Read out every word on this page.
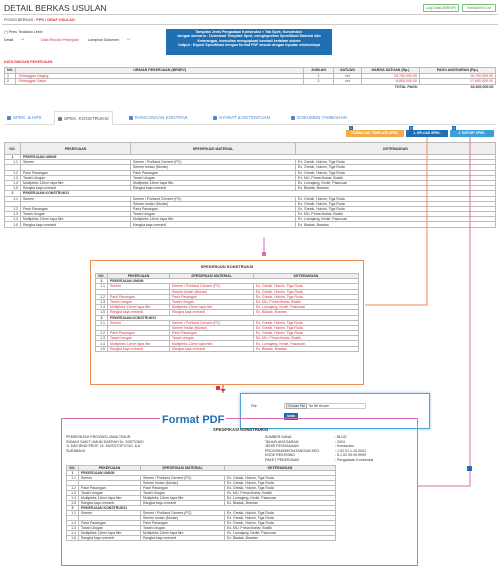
DETAIL BERKAS USULAN	Log Cetak (BRKSP)	Kembali Ke List
POSISI BERKAS : PPK / DRAF USULAN
(*) Perlu Tindakan Lebih
Detail **	Data Rincian Pekerjaan	Lampiran Dokumen **
Tampilan Jenis Pengadaan Konstruksi > Tab Spek. Konstruksi:
dengan skenario : Download Template Spek, menginputkan Spesifikasi Material dan
Keterangan, kemudian mengupload kembali kedalam sistem
Output : Export Spesifikasi dengan format PDF sesuai dengan inputan sebelumnya
DATA RINCIAN PEKERJAAN
NO.	URAIAN PEKERJAAN (BRSEV)	JUMLAH	SATUAN	HARGA SATUAN (Rp.)	PAGU ANGGARAN (Rp.)
1	Gelanggan Daging	1	set	15,700,000.00	15,700,000.00
2	Gelanggan Sayur	2	set	8,800,000.00	17,600,000.00
TOTAL PAGU					33,300,000.00
SPEK. & HPS	SPEK. KONSTRUKSI	RANCANGAN KONTRAK	SYARAT & KETENTUAN	DOKUMEN TAMBAHAN
DOWNLOAD TEMPLATE SPEK.	1. UPLOAD SPEK.	2. EXPORT SPEK.
1	2	4
NO.	PEKERJAAN	SPESIFIKASI MATERIAL	KETERANGAN
1	PEKERJAAN UMUM		
1.1	Semen	Semen / Portland Cement (PC)	Ex. Gresik, Holcim, Tiga Roda
		Semen Instan (Mortar)	Ex. Gresik, Holcim, Tiga Roda
1.2	Pasir Pasangan	Pasir Pasangan	Ex. Gresik, Holcim, Tiga Roda
1.3	Tanah Urugan	Tanah Urugan	Ex. MU, Prima Mortar, Bostik
1.4	Multipleks 12mm tapa film	Multipleks 12mm tapa film	Ex. Lumajang, Kediri, Pasuruan
1.5	Rangka kayu meranti	Rangka kayu meranti	Ex. Bladak, Brantas
2	PEKERJAAN KONSTRUKSI		
1.1	Semen	Semen / Portland Cement (PC)	Ex. Gresik, Holcim, Tiga Roda
		Semen Instan (Mortar)	Ex. Gresik, Holcim, Tiga Roda
1.2	Pasir Pasangan	Pasir Pasangan	Ex. Gresik, Holcim, Tiga Roda
1.3	Tanah Urugan	Tanah Urugan	Ex. MU, Prima Mortar, Bostik
1.4	Multipleks 12mm tapa film	Multipleks 12mm tapa film	Ex. Lumajang, Kediri, Pasuruan
1.5	Rangka kayu meranti	Rangka kayu meranti	Ex. Bladak, Brantas
SPESIFIKASI KONSTRUKSI
NO.	PEKERJAAN	SPESIFIKASI MATERIAL	KETERANGAN
1	PEKERJAAN UMUM		
1.1	Semen	Semen / Portland Cement (PC)	Ex. Gresik, Holcim, Tiga Roda
		Semen Instan (Mortar)	Ex. Gresik, Holcim, Tiga Roda
1.2	Pasir Pasangan	Pasir Pasangan	Ex. Gresik, Holcim, Tiga Roda
1.3	Tanah Urugan	Tanah Urugan	Ex. MU, Prima Mortar, Bostik
1.4	Multipleks 12mm tapa film	Multipleks 12mm tapa film	Ex. Lumajang, Kediri, Pasuruan
1.5	Rangka kayu meranti	Rangka kayu meranti	Ex. Bladak, Brantas
2	PEKERJAAN KONSTRUKSI		
1.1	Semen	Semen / Portland Cement (PC)	Ex. Gresik, Holcim, Tiga Roda
		Semen Instan (Mortar)	Ex. Gresik, Holcim, Tiga Roda
1.2	Pasir Pasangan	Pasir Pasangan	Ex. Gresik, Holcim, Tiga Roda
1.3	Tanah Urugan	Tanah Urugan	Ex. MU, Prima Mortar, Bostik
1.4	Multipleks 12mm tapa film	Multipleks 12mm tapa film	Ex. Lumajang, Kediri, Pasuruan
1.5	Rangka kayu meranti	Rangka kayu meranti	Ex. Bladak, Brantas
3
File	Choose File No file chosen
SEND
SPESIFIKASI KONSTRUKSI
PEMERINTAH PROVINSI JAWA TIMUR
RUMAH SAKIT UMUM DAERAH Dr. SOETOMO
Jl. MAYJEND PROF. Dr. MOESTOPO NO. 6-8
SURABAYA
SUMBER DANA	: BLUD
TAHUN ANGGARAN	: 2024
JENIS PENGADAAN	: Konstruksi
PROGRAM/KEGIATAN/SUB KEG	: 1.02.01.1.10.0001
KODE REKENING	: 5.1.02.99.99.9999
PAKET PEKERJAAN	: Pengadaan Konstruksi
NO.	PEKERJAAN	SPESIFIKASI MATERIAL	KETERANGAN
1	PEKERJAAN UMUM		
1.1	Semen	Semen / Portland Cement (PC)	Ex. Gresik, Holcim, Tiga Roda
		Semen Instan (Mortar)	Ex. Gresik, Holcim, Tiga Roda
1.2	Pasir Pasangan	Pasir Pasangan	Ex. Gresik, Holcim, Tiga Roda
1.3	Tanah Urugan	Tanah Urugan	Ex. MU, Prima Mortar, Bostik
1.4	Multipleks 12mm tapa film	Multipleks 12mm tapa film	Ex. Lumajang, Kediri, Pasuruan
1.5	Rangka kayu meranti	Rangka kayu meranti	Ex. Bladak, Brantas
2	PEKERJAAN KONSTRUKSI		
1.1	Semen	Semen / Portland Cement (PC)	Ex. Gresik, Holcim, Tiga Roda
		Semen Instan (Mortar)	Ex. Gresik, Holcim, Tiga Roda
1.2	Pasir Pasangan	Pasir Pasangan	Ex. Gresik, Holcim, Tiga Roda
1.3	Tanah Urugan	Tanah Urugan	Ex. MU, Prima Mortar, Bostik
1.4	Multipleks 12mm tapa film	Multipleks 12mm tapa film	Ex. Lumajang, Kediri, Pasuruan
1.5	Rangka kayu meranti	Rangka kayu meranti	Ex. Bladak, Brantas
Format PDF
